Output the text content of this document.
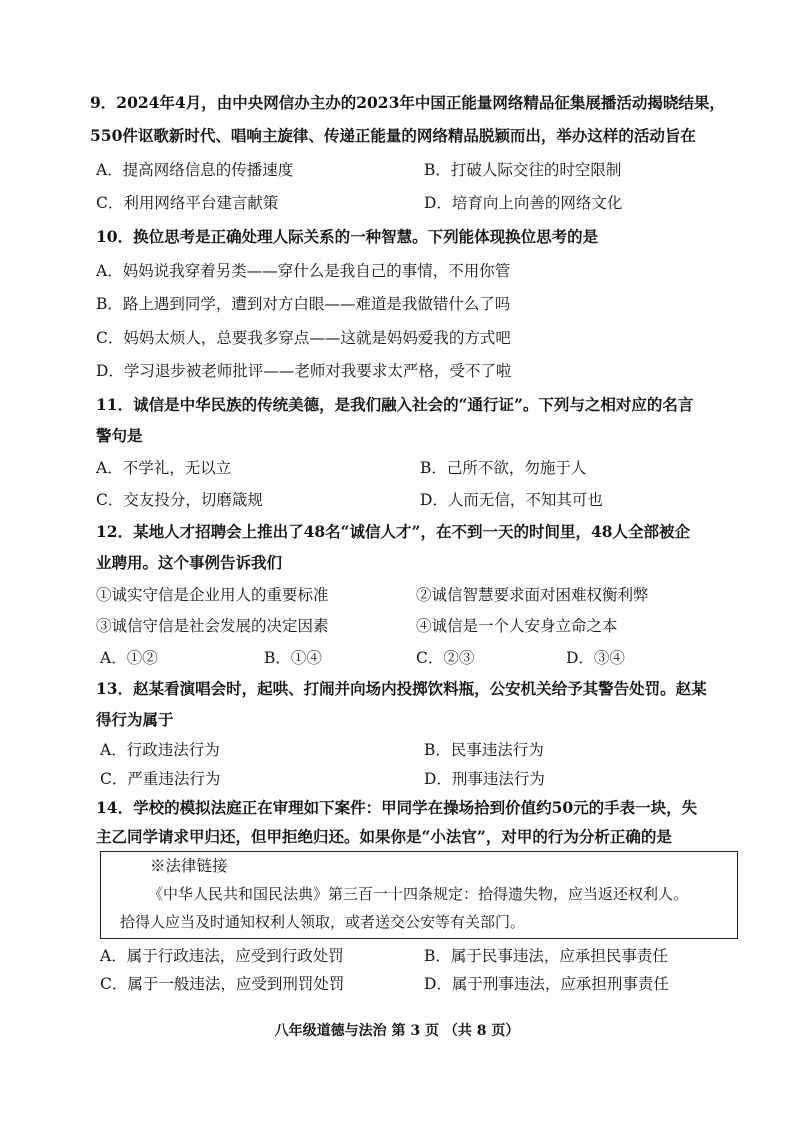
9．2024年4月，由中央网信办主办的2023年中国正能量网络精品征集展播活动揭晓结果，
550件讴歌新时代、唱响主旋律、传递正能量的网络精品脱颖而出，举办这样的活动旨在
A．提高网络信息的传播速度	B．打破人际交往的时空限制
C．利用网络平台建言献策	D．培育向上向善的网络文化
10．换位思考是正确处理人际关系的一种智慧。下列能体现换位思考的是
A．妈妈说我穿着另类——穿什么是我自己的事情，不用你管
B．路上遇到同学，遭到对方白眼——难道是我做错什么了吗
C．妈妈太烦人，总要我多穿点——这就是妈妈爱我的方式吧
D．学习退步被老师批评——老师对我要求太严格，受不了啦
11．诚信是中华民族的传统美德，是我们融入社会的“通行证”。下列与之相对应的名言
警句是
A．不学礼，无以立	B．己所不欲，勿施于人
C．交友投分，切磨箴规	D．人而无信，不知其可也
12．某地人才招聘会上推出了48名“诚信人才”，在不到一天的时间里，48人全部被企
业聘用。这个事例告诉我们
①诚实守信是企业用人的重要标准	②诚信智慧要求面对困难权衡利弊
③诚信守信是社会发展的决定因素	④诚信是一个人安身立命之本
A．①②	B．①④	C．②③	D．③④
13．赵某看演唱会时，起哄、打闹并向场内投掷饮料瓶，公安机关给予其警告处罚。赵某
得行为属于
A．行政违法行为	B．民事违法行为
C．严重违法行为	D．刑事违法行为
14．学校的模拟法庭正在审理如下案件：甲同学在操场拾到价值约50元的手表一块，失
主乙同学请求甲归还，但甲拒绝归还。如果你是“小法官”，对甲的行为分析正确的是
※法律链接
《中华人民共和国民法典》第三百一十四条规定：拾得遗失物，应当返还权利人。
拾得人应当及时通知权利人领取，或者送交公安等有关部门。
A．属于行政违法，应受到行政处罚	B．属于民事违法，应承担民事责任
C．属于一般违法，应受到刑罚处罚	D．属于刑事违法，应承担刑事责任
八年级道德与法治 第 3 页 （共 8 页）
